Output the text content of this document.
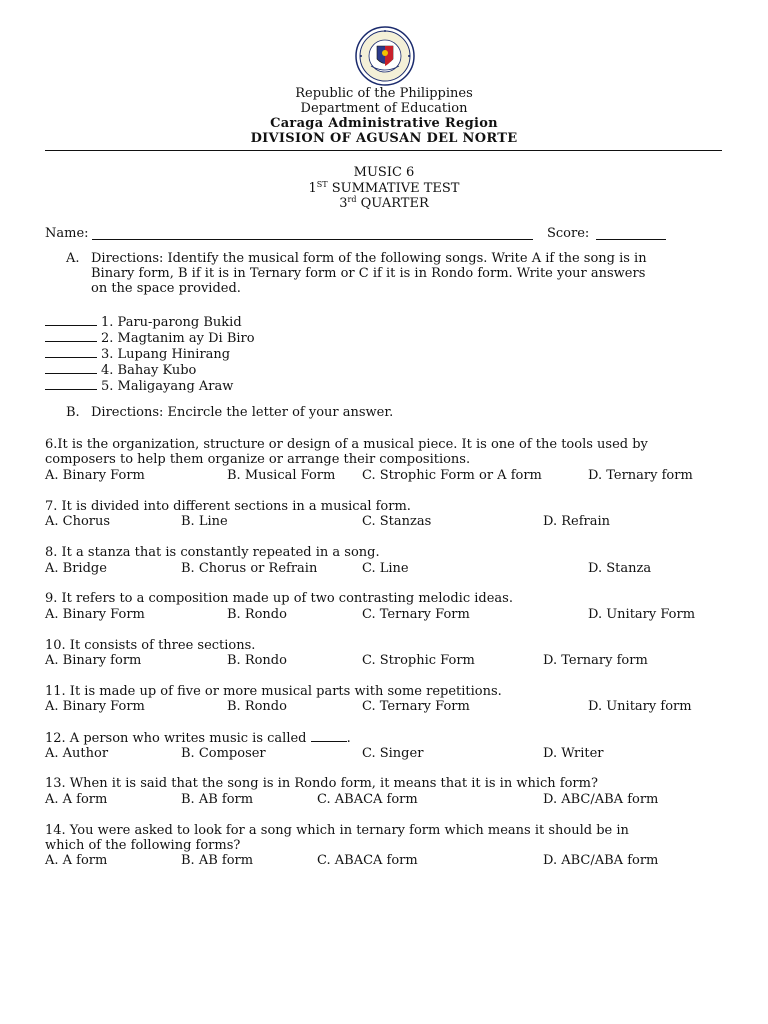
Republic of the Philippines
Department of Education
Caraga Administrative Region
DIVISION OF AGUSAN DEL NORTE
MUSIC 6
1ST SUMMATIVE TEST
3rd QUARTER
Name:	Score:
A. Directions: Identify the musical form of the following songs. Write A if the song is in
Binary form, B if it is in Ternary form or C if it is in Rondo form. Write your answers
on the space provided.
1. Paru-parong Bukid
2. Magtanim ay Di Biro
3. Lupang Hinirang
4. Bahay Kubo
5. Maligayang Araw
B. Directions: Encircle the letter of your answer.
6.It is the organization, structure or design of a musical piece. It is one of the tools used by
composers to help them organize or arrange their compositions.
A. Binary Form	B. Musical Form C. Strophic Form or A form	D. Ternary form
7. It is divided into different sections in a musical form.
A. Chorus	B. Line	C. Stanzas	D. Refrain
8. It a stanza that is constantly repeated in a song.
A. Bridge	B. Chorus or Refrain	C. Line	D. Stanza
9. It refers to a composition made up of two contrasting melodic ideas.
A. Binary Form	B. Rondo	C. Ternary Form	D. Unitary Form
10. It consists of three sections.
A. Binary form	B. Rondo	C. Strophic Form	D. Ternary form
11. It is made up of five or more musical parts with some repetitions.
A. Binary Form	B. Rondo	C. Ternary Form	D. Unitary form
12. A person who writes music is called	.
A. Author	B. Composer	C. Singer	D. Writer
13. When it is said that the song is in Rondo form, it means that it is in which form?
A. A form	B. AB form	C. ABACA form	D. ABC/ABA form
14. You were asked to look for a song which in ternary form which means it should be in
which of the following forms?
A. A form	B. AB form	C. ABACA form	D. ABC/ABA form
